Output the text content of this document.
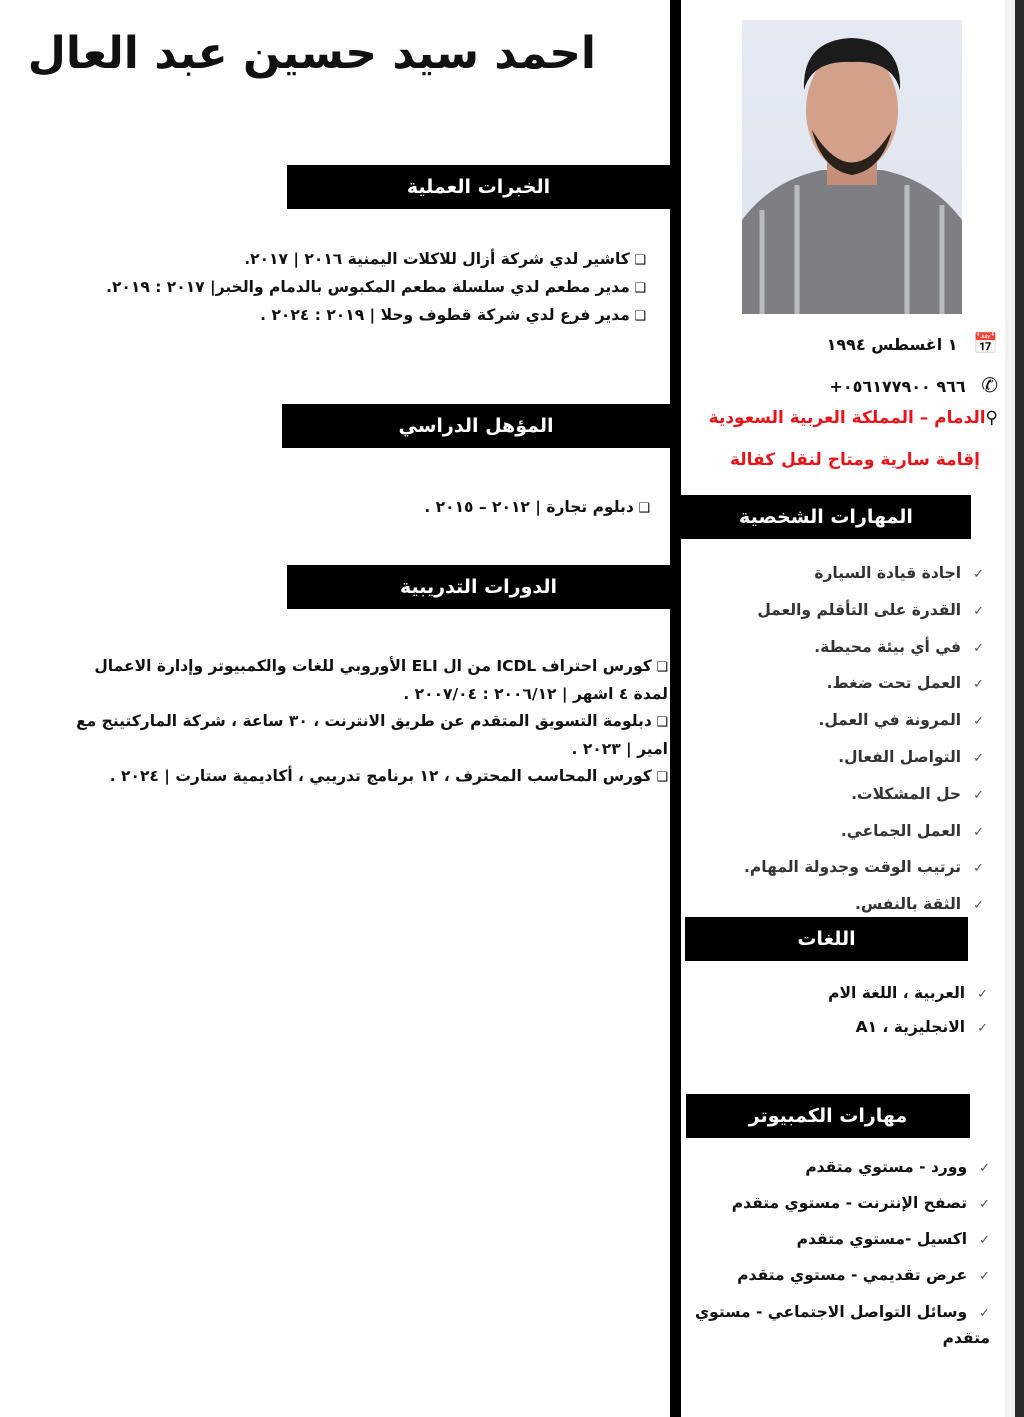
احمد سيد حسين عبد العال
الخبرات العملية
❑ كاشير لدي شركة أزال للاكلات اليمنية ٢٠١٦ | ٢٠١٧.
❑ مدير مطعم لدي سلسلة مطعم المكبوس بالدمام والخبر| ٢٠١٧ : ٢٠١٩.
❑ مدير فرع لدي شركة قطوف وحلا | ٢٠١٩ : ٢٠٢٤ .
المؤهل الدراسي
❑ دبلوم تجارة | ٢٠١٢ – ٢٠١٥ .
الدورات التدريبية
❑ كورس احتراف ICDL من ال ELI الأوروبي للغات والكمبيوتر وإدارة الاعمال لمدة ٤ اشهر | ٢٠٠٦/١٢ : ٢٠٠٧/٠٤ .
❑ دبلومة التسويق المتقدم عن طريق الانترنت ، ٣٠ ساعة ، شركة الماركتينج مع امير | ٢٠٢٣ .
❑ كورس المحاسب المحترف ، ١٢ برنامج تدريبي ، أكاديمية ستارت | ٢٠٢٤ .
📅 ١ اغسطس ١٩٩٤
✆ +٩٦٦ ٠٥٦١٧٧٩٠٠
⚲الدمام – المملكة العربية السعودية
إقامة سارية ومتاح لنقل كفالة
المهارات الشخصية
✓اجادة قيادة السيارة
✓القدرة على التأقلم والعمل
✓في أي بيئة محيطة.
✓العمل تحت ضغط.
✓المرونة في العمل.
✓التواصل الفعال.
✓حل المشكلات.
✓العمل الجماعي.
✓ترتيب الوقت وجدولة المهام.
✓الثقة بالنفس.
اللغات
✓العربية ، اللغة الام
✓الانجليزية ، A١
مهارات الكمبيوتر
✓وورد - مستوي متقدم
✓تصفح الإنترنت - مستوي متقدم
✓اكسيل -مستوي متقدم
✓عرض تقديمي - مستوي متقدم
✓وسائل التواصل الاجتماعي - مستوي متقدم
